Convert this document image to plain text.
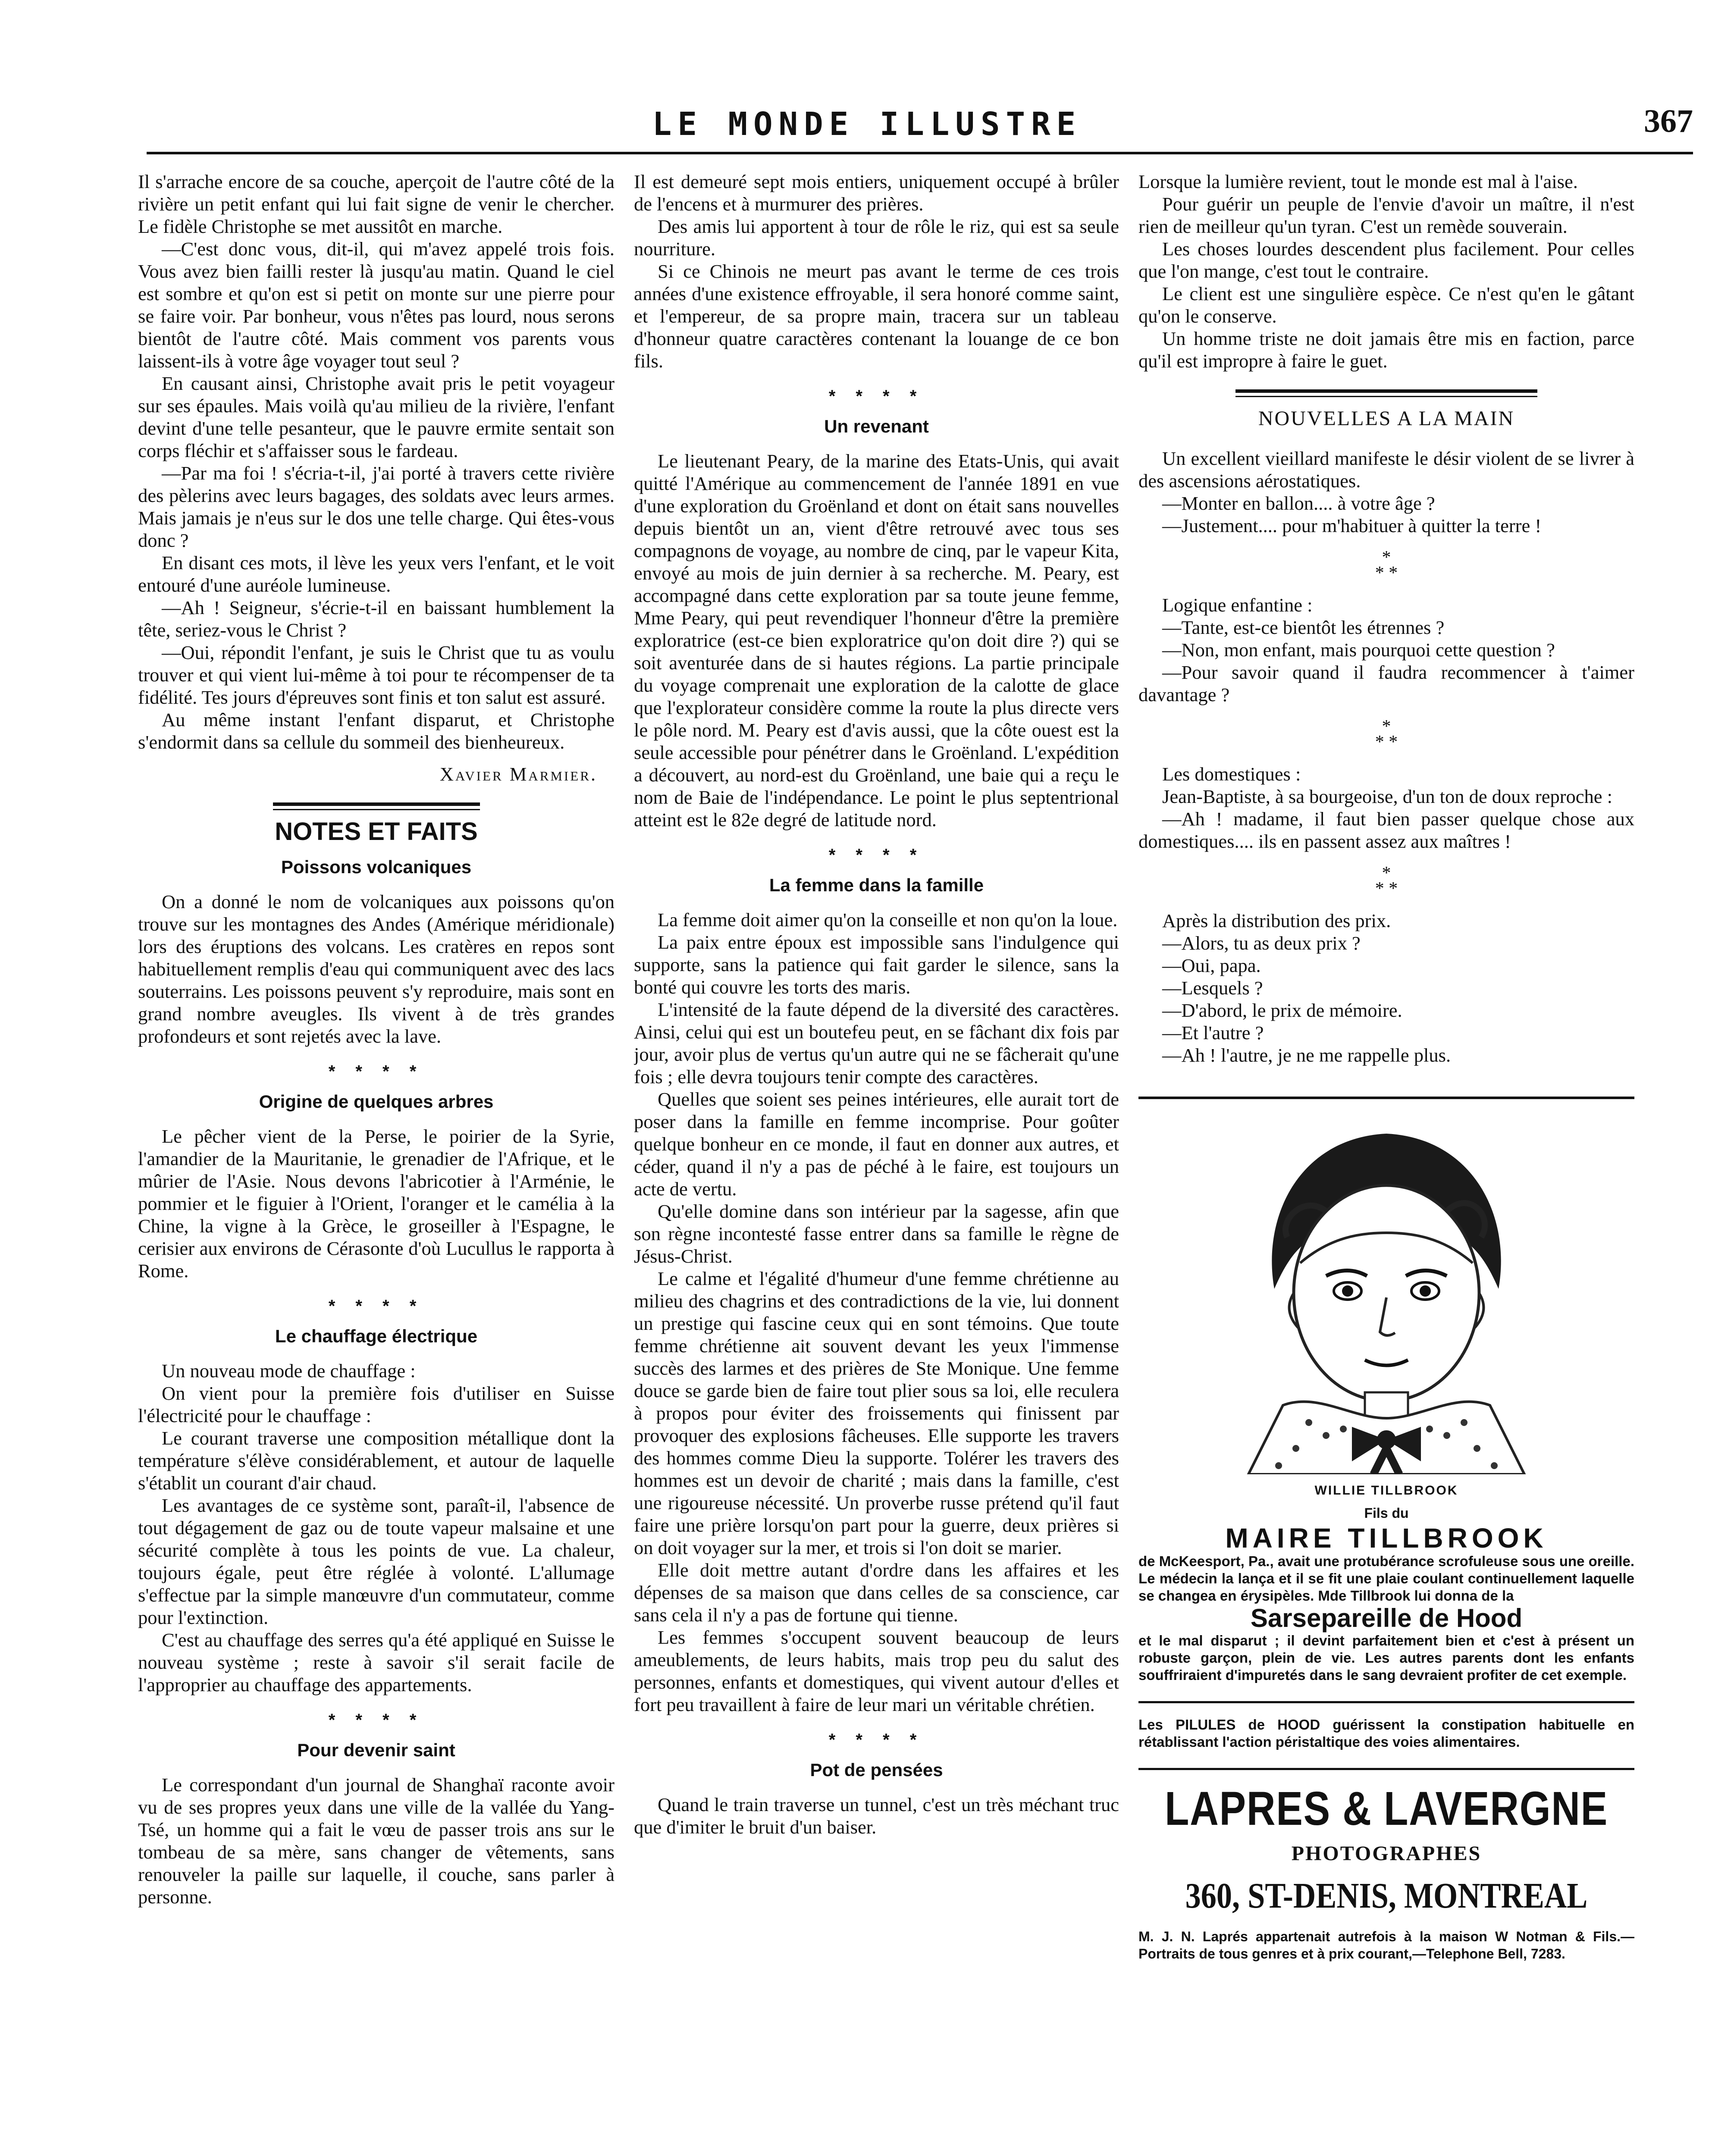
LE MONDE ILLUSTRE	367

Il s'arrache encore de sa couche, aperçoit de l'autre côté de la rivière un petit enfant qui lui fait signe de venir le chercher. Le fidèle Christophe se met aussitôt en marche.

—C'est donc vous, dit-il, qui m'avez appelé trois fois. Vous avez bien failli rester là jusqu'au matin. Quand le ciel est sombre et qu'on est si petit on monte sur une pierre pour se faire voir. Par bonheur, vous n'êtes pas lourd, nous serons bientôt de l'autre côté. Mais comment vos parents vous laissent-ils à votre âge voyager tout seul ?

En causant ainsi, Christophe avait pris le petit voyageur sur ses épaules. Mais voilà qu'au milieu de la rivière, l'enfant devint d'une telle pesanteur, que le pauvre ermite sentait son corps fléchir et s'affaisser sous le fardeau.

—Par ma foi ! s'écria-t-il, j'ai porté à travers cette rivière des pèlerins avec leurs bagages, des soldats avec leurs armes. Mais jamais je n'eus sur le dos une telle charge. Qui êtes-vous donc ?

En disant ces mots, il lève les yeux vers l'enfant, et le voit entouré d'une auréole lumineuse.

—Ah ! Seigneur, s'écrie-t-il en baissant humblement la tête, seriez-vous le Christ ?

—Oui, répondit l'enfant, je suis le Christ que tu as voulu trouver et qui vient lui-même à toi pour te récompenser de ta fidélité. Tes jours d'épreuves sont finis et ton salut est assuré.

Au même instant l'enfant disparut, et Christophe s'endormit dans sa cellule du sommeil des bienheureux.

Xavier Marmier.
NOTES ET FAITS
Poissons volcaniques

On a donné le nom de volcaniques aux poissons qu'on trouve sur les montagnes des Andes (Amérique méridionale) lors des éruptions des volcans. Les cratères en repos sont habituellement remplis d'eau qui communiquent avec des lacs souterrains. Les poissons peuvent s'y reproduire, mais sont en grand nombre aveugles. Ils vivent à de très grandes profondeurs et sont rejetés avec la lave.

* * * *
Origine de quelques arbres

Le pêcher vient de la Perse, le poirier de la Syrie, l'amandier de la Mauritanie, le grenadier de l'Afrique, et le mûrier de l'Asie. Nous devons l'abricotier à l'Arménie, le pommier et le figuier à l'Orient, l'oranger et le camélia à la Chine, la vigne à la Grèce, le groseiller à l'Espagne, le cerisier aux environs de Cérasonte d'où Lucullus le rapporta à Rome.

* * * *
Le chauffage électrique

Un nouveau mode de chauffage :

On vient pour la première fois d'utiliser en Suisse l'électricité pour le chauffage :

Le courant traverse une composition métallique dont la température s'élève considérablement, et autour de laquelle s'établit un courant d'air chaud.

Les avantages de ce système sont, paraît-il, l'absence de tout dégagement de gaz ou de toute vapeur malsaine et une sécurité complète à tous les points de vue. La chaleur, toujours égale, peut être réglée à volonté. L'allumage s'effectue par la simple manœuvre d'un commutateur, comme pour l'extinction.

C'est au chauffage des serres qu'a été appliqué en Suisse le nouveau système ; reste à savoir s'il serait facile de l'approprier au chauffage des appartements.

* * * *
Pour devenir saint

Le correspondant d'un journal de Shanghaï raconte avoir vu de ses propres yeux dans une ville de la vallée du Yang-Tsé, un homme qui a fait le vœu de passer trois ans sur le tombeau de sa mère, sans changer de vêtements, sans renouveler la paille sur laquelle, il couche, sans parler à personne.

Il est demeuré sept mois entiers, uniquement occupé à brûler de l'encens et à murmurer des prières.

Des amis lui apportent à tour de rôle le riz, qui est sa seule nourriture.

Si ce Chinois ne meurt pas avant le terme de ces trois années d'une existence effroyable, il sera honoré comme saint, et l'empereur, de sa propre main, tracera sur un tableau d'honneur quatre caractères contenant la louange de ce bon fils.

* * * *
Un revenant

Le lieutenant Peary, de la marine des Etats-Unis, qui avait quitté l'Amérique au commencement de l'année 1891 en vue d'une exploration du Groënland et dont on était sans nouvelles depuis bientôt un an, vient d'être retrouvé avec tous ses compagnons de voyage, au nombre de cinq, par le vapeur Kita, envoyé au mois de juin dernier à sa recherche. M. Peary, est accompagné dans cette exploration par sa toute jeune femme, Mme Peary, qui peut revendiquer l'honneur d'être la première exploratrice (est-ce bien exploratrice qu'on doit dire ?) qui se soit aventurée dans de si hautes régions. La partie principale du voyage comprenait une exploration de la calotte de glace que l'explorateur considère comme la route la plus directe vers le pôle nord. M. Peary est d'avis aussi, que la côte ouest est la seule accessible pour pénétrer dans le Groënland. L'expédition a découvert, au nord-est du Groënland, une baie qui a reçu le nom de Baie de l'indépendance. Le point le plus septentrional atteint est le 82e degré de latitude nord.

* * * *
La femme dans la famille

La femme doit aimer qu'on la conseille et non qu'on la loue.

La paix entre époux est impossible sans l'indulgence qui supporte, sans la patience qui fait garder le silence, sans la bonté qui couvre les torts des maris.

L'intensité de la faute dépend de la diversité des caractères. Ainsi, celui qui est un boutefeu peut, en se fâchant dix fois par jour, avoir plus de vertus qu'un autre qui ne se fâcherait qu'une fois ; elle devra toujours tenir compte des caractères.

Quelles que soient ses peines intérieures, elle aurait tort de poser dans la famille en femme incomprise. Pour goûter quelque bonheur en ce monde, il faut en donner aux autres, et céder, quand il n'y a pas de péché à le faire, est toujours un acte de vertu.

Qu'elle domine dans son intérieur par la sagesse, afin que son règne incontesté fasse entrer dans sa famille le règne de Jésus-Christ.

Le calme et l'égalité d'humeur d'une femme chrétienne au milieu des chagrins et des contradictions de la vie, lui donnent un prestige qui fascine ceux qui en sont témoins. Que toute femme chrétienne ait souvent devant les yeux l'immense succès des larmes et des prières de Ste Monique. Une femme douce se garde bien de faire tout plier sous sa loi, elle reculera à propos pour éviter des froissements qui finissent par provoquer des explosions fâcheuses. Elle supporte les travers des hommes comme Dieu la supporte. Tolérer les travers des hommes est un devoir de charité ; mais dans la famille, c'est une rigoureuse nécessité. Un proverbe russe prétend qu'il faut faire une prière lorsqu'on part pour la guerre, deux prières si on doit voyager sur la mer, et trois si l'on doit se marier.

Elle doit mettre autant d'ordre dans les affaires et les dépenses de sa maison que dans celles de sa conscience, car sans cela il n'y a pas de fortune qui tienne.

Les femmes s'occupent souvent beaucoup de leurs ameublements, de leurs habits, mais trop peu du salut des personnes, enfants et domestiques, qui vivent autour d'elles et fort peu travaillent à faire de leur mari un véritable chrétien.

* * * *
Pot de pensées

Quand le train traverse un tunnel, c'est un très méchant truc que d'imiter le bruit d'un baiser.

Lorsque la lumière revient, tout le monde est mal à l'aise.

Pour guérir un peuple de l'envie d'avoir un maître, il n'est rien de meilleur qu'un tyran. C'est un remède souverain.

Les choses lourdes descendent plus facilement. Pour celles que l'on mange, c'est tout le contraire.

Le client est une singulière espèce. Ce n'est qu'en le gâtant qu'on le conserve.

Un homme triste ne doit jamais être mis en faction, parce qu'il est impropre à faire le guet.

NOUVELLES A LA MAIN

Un excellent vieillard manifeste le désir violent de se livrer à des ascensions aérostatiques.

—Monter en ballon.... à votre âge ?

—Justement.... pour m'habituer à quitter la terre !

*
* *

Logique enfantine :

—Tante, est-ce bientôt les étrennes ?

—Non, mon enfant, mais pourquoi cette question ?

—Pour savoir quand il faudra recommencer à t'aimer davantage ?

*
* *

Les domestiques :

Jean-Baptiste, à sa bourgeoise, d'un ton de doux reproche :

—Ah ! madame, il faut bien passer quelque chose aux domestiques.... ils en passent assez aux maîtres !

*
* *

Après la distribution des prix.

—Alors, tu as deux prix ?

—Oui, papa.

—Lesquels ?

—D'abord, le prix de mémoire.

—Et l'autre ?

—Ah ! l'autre, je ne me rappelle plus.

WILLIE TILLBROOK
Fils du
MAIRE TILLBROOK
de McKeesport, Pa., avait une protubérance scrofuleuse sous une oreille. Le médecin la lança et il se fit une plaie coulant continuellement laquelle se changea en érysipèles. Mde Tillbrook lui donna de la
Sarsepareille de Hood
et le mal disparut ; il devint parfaitement bien et c'est à présent un robuste garçon, plein de vie. Les autres parents dont les enfants souffriraient d'impuretés dans le sang devraient profiter de cet exemple.
Les PILULES de HOOD guérissent la constipation habituelle en rétablissant l'action péristaltique des voies alimentaires.
LAPRES & LAVERGNE
PHOTOGRAPHES
360, ST-DENIS, MONTREAL
M. J. N. Laprés appartenait autrefois à la maison W Notman & Fils.—Portraits de tous genres et à prix courant,—Telephone Bell, 7283.
